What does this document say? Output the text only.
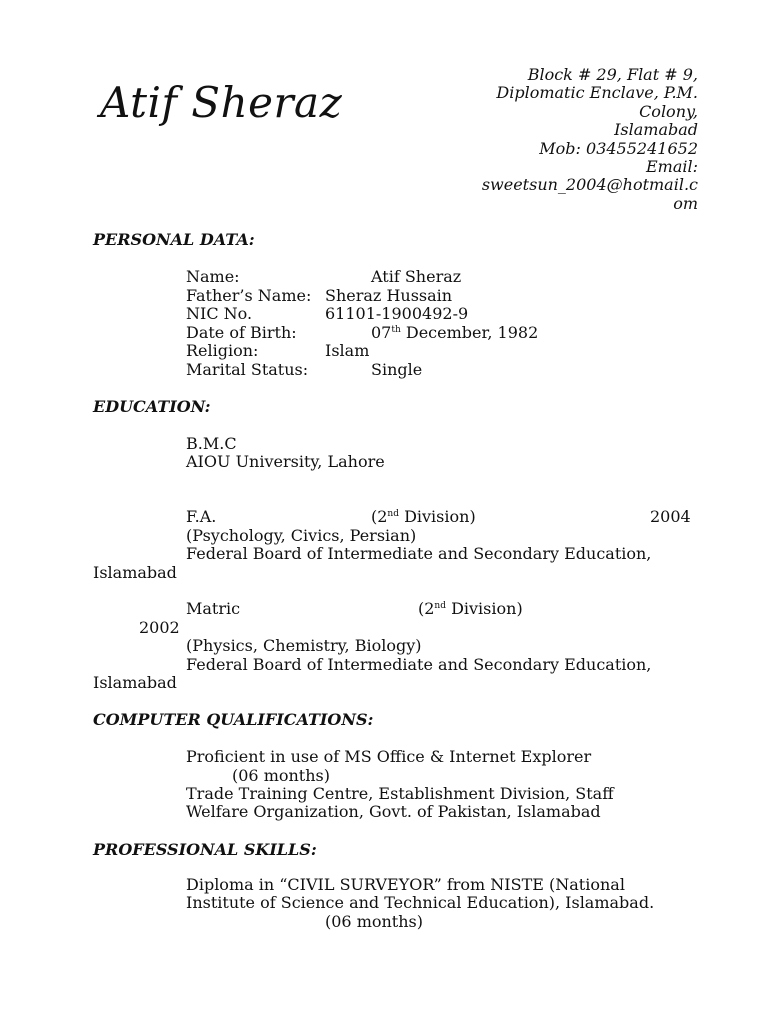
Atif Sheraz
Block # 29, Flat # 9,
Diplomatic Enclave, P.M.
Colony,
Islamabad
Mob: 03455241652
Email:
sweetsun_2004@hotmail.c
om
PERSONAL DATA:
Name:	Atif Sheraz
Father’s Name: Sheraz Hussain
NIC No.	61101-1900492-9
Date of Birth:	07th December, 1982
Religion:	Islam
Marital Status:	Single
EDUCATION:
B.M.C
AIOU University, Lahore
F.A.	(2nd Division)	2004
(Psychology, Civics, Persian)
Federal Board of Intermediate and Secondary Education,
Islamabad
Matric	(2nd Division)
2002
(Physics, Chemistry, Biology)
Federal Board of Intermediate and Secondary Education,
Islamabad
COMPUTER QUALIFICATIONS:
Proficient in use of MS Office & Internet Explorer
(06 months)
Trade Training Centre, Establishment Division, Staff
Welfare Organization, Govt. of Pakistan, Islamabad
PROFESSIONAL SKILLS:
Diploma in “CIVIL SURVEYOR” from NISTE (National
Institute of Science and Technical Education), Islamabad.
(06 months)
